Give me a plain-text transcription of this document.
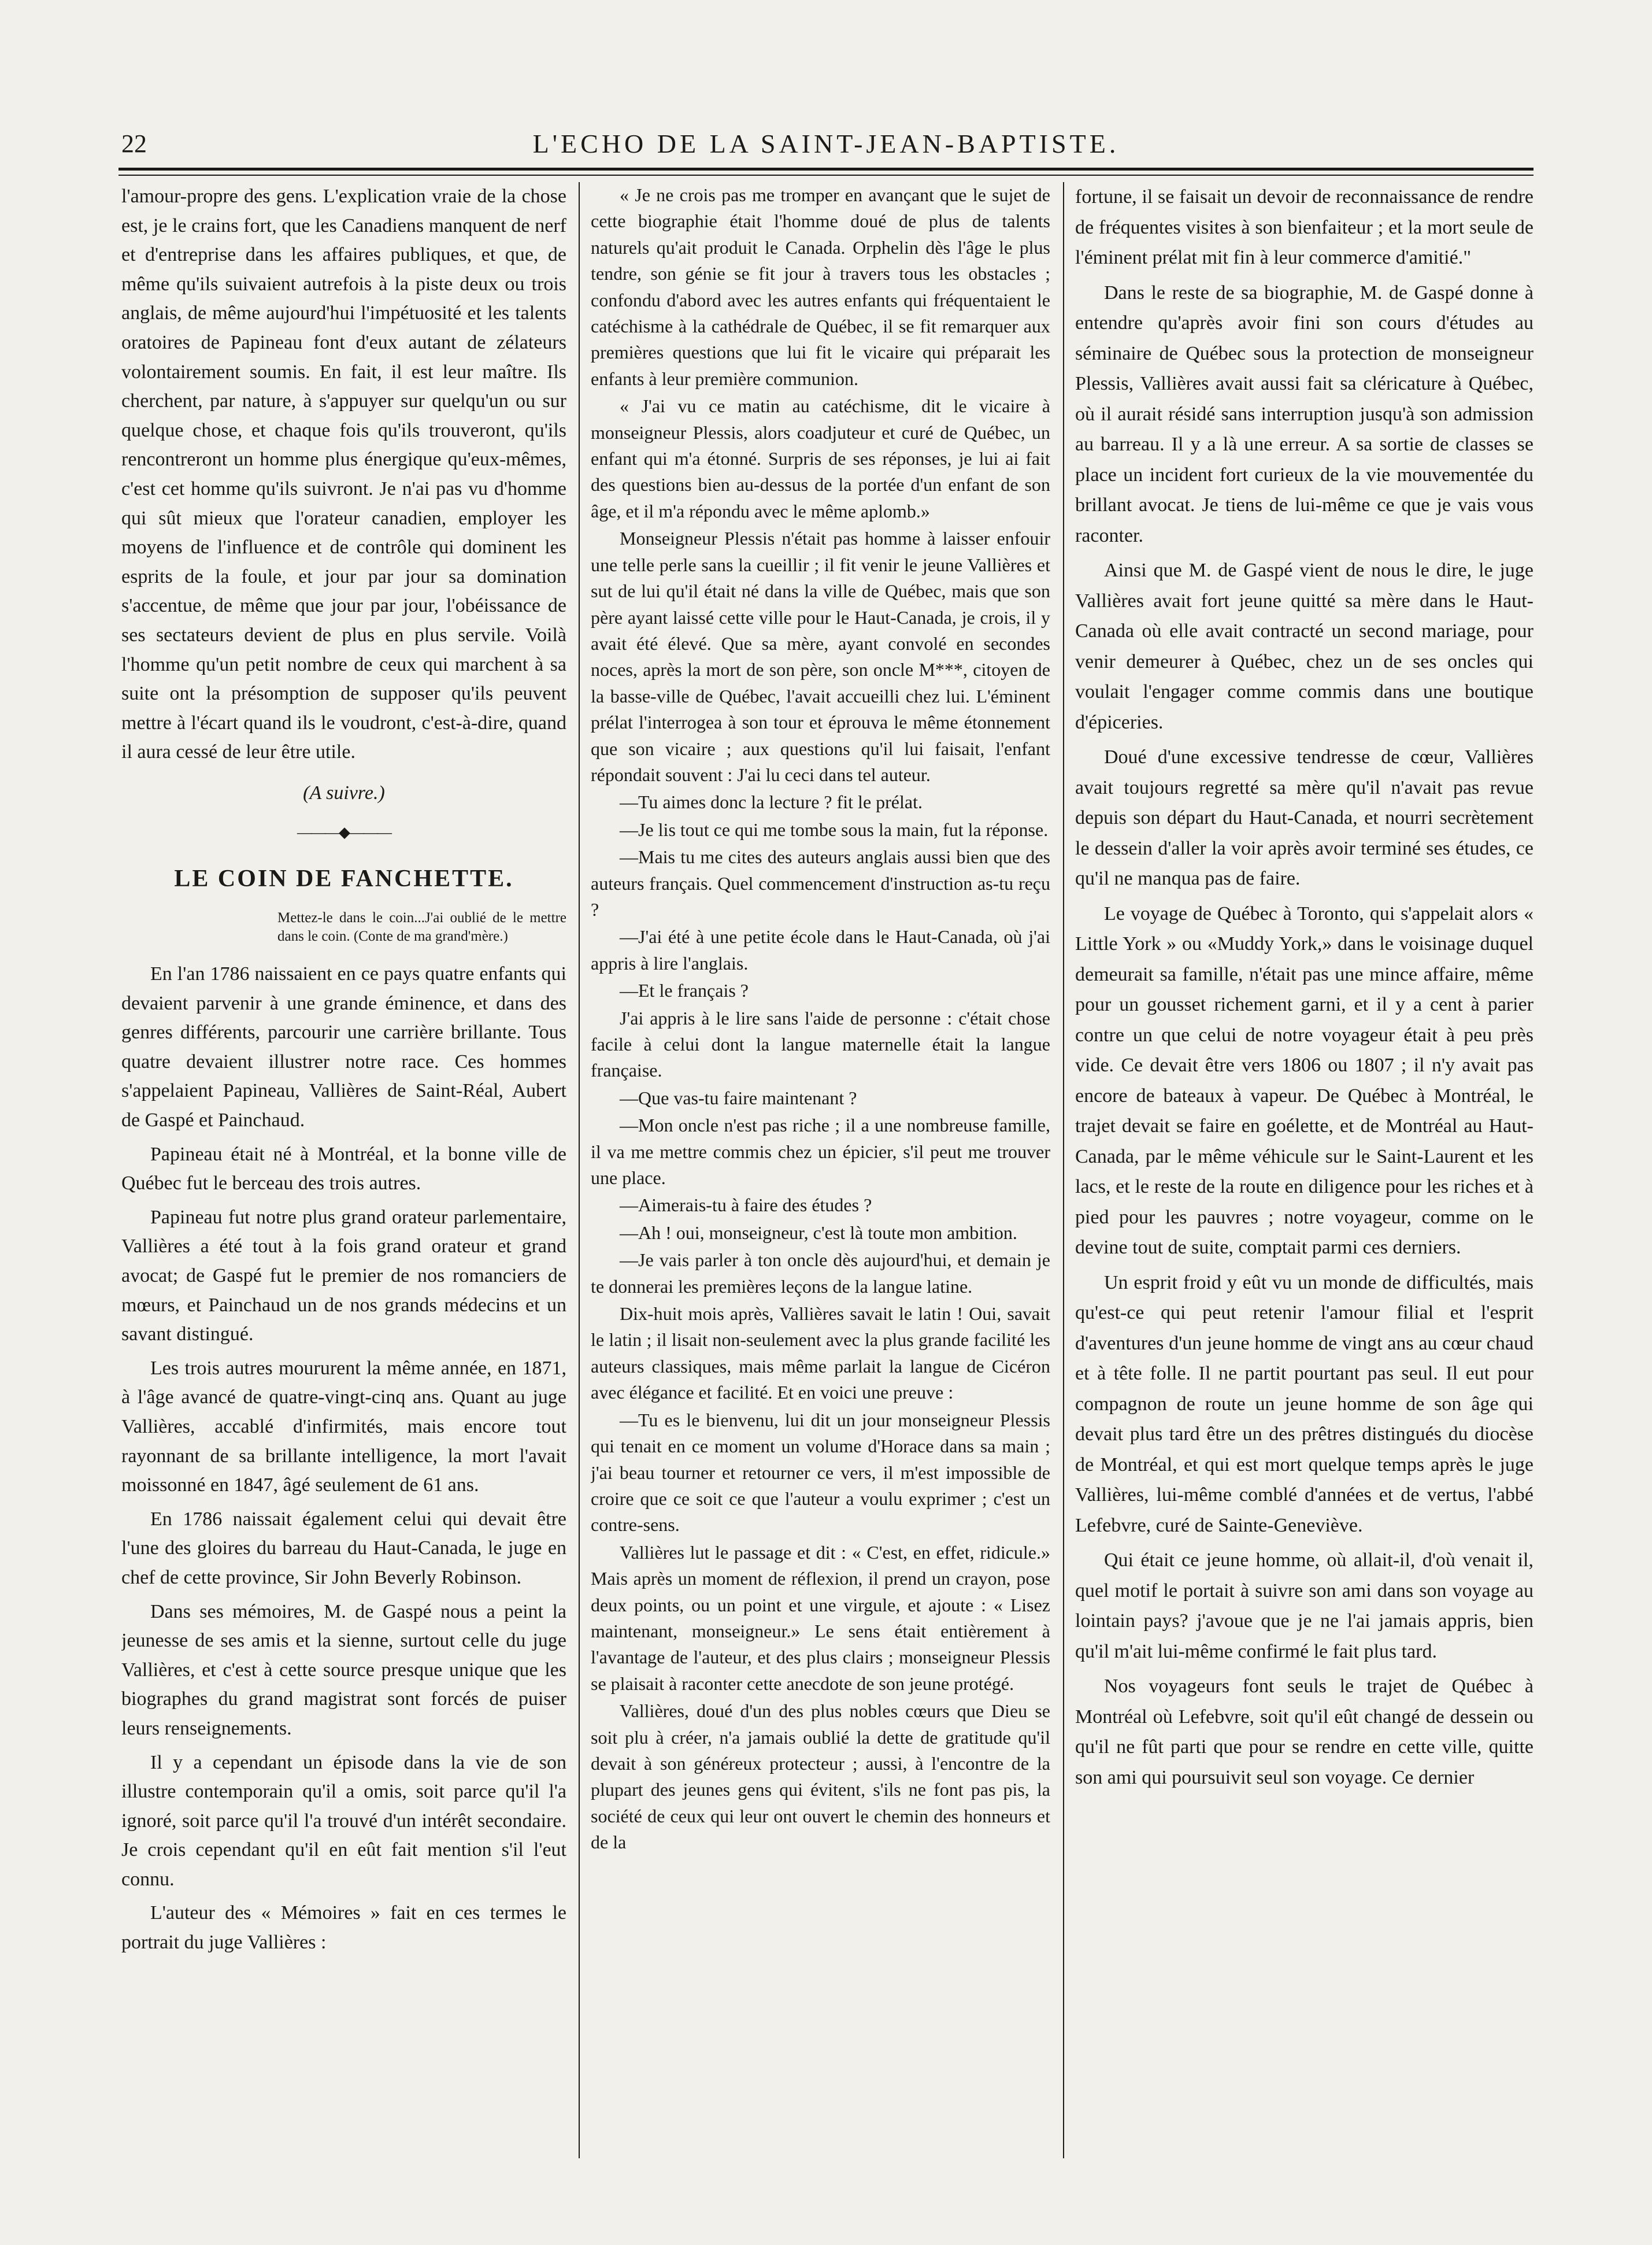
22	L'ECHO DE LA SAINT-JEAN-BAPTISTE.

l'amour-propre des gens. L'explication vraie de la chose est, je le crains fort, que les Canadiens manquent de nerf et d'entreprise dans les affaires publiques, et que, de même qu'ils suivaient autrefois à la piste deux ou trois anglais, de même aujourd'hui l'impétuosité et les talents oratoires de Papineau font d'eux autant de zélateurs volontairement soumis. En fait, il est leur maître. Ils cherchent, par nature, à s'appuyer sur quelqu'un ou sur quelque chose, et chaque fois qu'ils trouveront, qu'ils rencontreront un homme plus énergique qu'eux-mêmes, c'est cet homme qu'ils suivront. Je n'ai pas vu d'homme qui sût mieux que l'orateur canadien, employer les moyens de l'influence et de contrôle qui dominent les esprits de la foule, et jour par jour sa domination s'accentue, de même que jour par jour, l'obéissance de ses sectateurs devient de plus en plus servile. Voilà l'homme qu'un petit nombre de ceux qui marchent à sa suite ont la présomption de supposer qu'ils peuvent mettre à l'écart quand ils le voudront, c'est-à-dire, quand il aura cessé de leur être utile.

(A suivre.)
———◆———
LE COIN DE FANCHETTE.
Mettez-le dans le coin...J'ai oublié de le mettre dans le coin. (Conte de ma grand'mère.)

En l'an 1786 naissaient en ce pays quatre enfants qui devaient parvenir à une grande éminence, et dans des genres différents, parcourir une carrière brillante. Tous quatre devaient illustrer notre race. Ces hommes s'appelaient Papineau, Vallières de Saint-Réal, Aubert de Gaspé et Painchaud.

Papineau était né à Montréal, et la bonne ville de Québec fut le berceau des trois autres.

Papineau fut notre plus grand orateur parlementaire, Vallières a été tout à la fois grand orateur et grand avocat; de Gaspé fut le premier de nos romanciers de mœurs, et Painchaud un de nos grands médecins et un savant distingué.

Les trois autres moururent la même année, en 1871, à l'âge avancé de quatre-vingt-cinq ans. Quant au juge Vallières, accablé d'infirmités, mais encore tout rayonnant de sa brillante intelligence, la mort l'avait moissonné en 1847, âgé seulement de 61 ans.

En 1786 naissait également celui qui devait être l'une des gloires du barreau du Haut-Canada, le juge en chef de cette province, Sir John Beverly Robinson.

Dans ses mémoires, M. de Gaspé nous a peint la jeunesse de ses amis et la sienne, surtout celle du juge Vallières, et c'est à cette source presque unique que les biographes du grand magistrat sont forcés de puiser leurs renseignements.

Il y a cependant un épisode dans la vie de son illustre contemporain qu'il a omis, soit parce qu'il l'a ignoré, soit parce qu'il l'a trouvé d'un intérêt secondaire. Je crois cependant qu'il en eût fait mention s'il l'eut connu.

L'auteur des « Mémoires » fait en ces termes le portrait du juge Vallières :

« Je ne crois pas me tromper en avançant que le sujet de cette biographie était l'homme doué de plus de talents naturels qu'ait produit le Canada. Orphelin dès l'âge le plus tendre, son génie se fit jour à travers tous les obstacles ; confondu d'abord avec les autres enfants qui fréquentaient le catéchisme à la cathédrale de Québec, il se fit remarquer aux premières questions que lui fit le vicaire qui préparait les enfants à leur première communion.

« J'ai vu ce matin au catéchisme, dit le vicaire à monseigneur Plessis, alors coadjuteur et curé de Québec, un enfant qui m'a étonné. Surpris de ses réponses, je lui ai fait des questions bien au-dessus de la portée d'un enfant de son âge, et il m'a répondu avec le même aplomb.»

Monseigneur Plessis n'était pas homme à laisser enfouir une telle perle sans la cueillir ; il fit venir le jeune Vallières et sut de lui qu'il était né dans la ville de Québec, mais que son père ayant laissé cette ville pour le Haut-Canada, je crois, il y avait été élevé. Que sa mère, ayant convolé en secondes noces, après la mort de son père, son oncle M***, citoyen de la basse-ville de Québec, l'avait accueilli chez lui. L'éminent prélat l'interrogea à son tour et éprouva le même étonnement que son vicaire ; aux questions qu'il lui faisait, l'enfant répondait souvent : J'ai lu ceci dans tel auteur.

—Tu aimes donc la lecture ? fit le prélat.

—Je lis tout ce qui me tombe sous la main, fut la réponse.

—Mais tu me cites des auteurs anglais aussi bien que des auteurs français. Quel commencement d'instruction as-tu reçu ?

—J'ai été à une petite école dans le Haut-Canada, où j'ai appris à lire l'anglais.

—Et le français ?

J'ai appris à le lire sans l'aide de personne : c'était chose facile à celui dont la langue maternelle était la langue française.

—Que vas-tu faire maintenant ?

—Mon oncle n'est pas riche ; il a une nombreuse famille, il va me mettre commis chez un épicier, s'il peut me trouver une place.

—Aimerais-tu à faire des études ?

—Ah ! oui, monseigneur, c'est là toute mon ambition.

—Je vais parler à ton oncle dès aujourd'hui, et demain je te donnerai les premières leçons de la langue latine.

Dix-huit mois après, Vallières savait le latin ! Oui, savait le latin ; il lisait non-seulement avec la plus grande facilité les auteurs classiques, mais même parlait la langue de Cicéron avec élégance et facilité. Et en voici une preuve :

—Tu es le bienvenu, lui dit un jour monseigneur Plessis qui tenait en ce moment un volume d'Horace dans sa main ; j'ai beau tourner et retourner ce vers, il m'est impossible de croire que ce soit ce que l'auteur a voulu exprimer ; c'est un contre-sens.

Vallières lut le passage et dit : « C'est, en effet, ridicule.» Mais après un moment de réflexion, il prend un crayon, pose deux points, ou un point et une virgule, et ajoute : « Lisez maintenant, monseigneur.» Le sens était entièrement à l'avantage de l'auteur, et des plus clairs ; monseigneur Plessis se plaisait à raconter cette anecdote de son jeune protégé.

Vallières, doué d'un des plus nobles cœurs que Dieu se soit plu à créer, n'a jamais oublié la dette de gratitude qu'il devait à son généreux protecteur ; aussi, à l'encontre de la plupart des jeunes gens qui évitent, s'ils ne font pas pis, la société de ceux qui leur ont ouvert le chemin des honneurs et de la

fortune, il se faisait un devoir de reconnaissance de rendre de fréquentes visites à son bienfaiteur ; et la mort seule de l'éminent prélat mit fin à leur commerce d'amitié."

Dans le reste de sa biographie, M. de Gaspé donne à entendre qu'après avoir fini son cours d'études au séminaire de Québec sous la protection de monseigneur Plessis, Vallières avait aussi fait sa cléricature à Québec, où il aurait résidé sans interruption jusqu'à son admission au barreau. Il y a là une erreur. A sa sortie de classes se place un incident fort curieux de la vie mouvementée du brillant avocat. Je tiens de lui-même ce que je vais vous raconter.

Ainsi que M. de Gaspé vient de nous le dire, le juge Vallières avait fort jeune quitté sa mère dans le Haut-Canada où elle avait contracté un second mariage, pour venir demeurer à Québec, chez un de ses oncles qui voulait l'engager comme commis dans une boutique d'épiceries.

Doué d'une excessive tendresse de cœur, Vallières avait toujours regretté sa mère qu'il n'avait pas revue depuis son départ du Haut-Canada, et nourri secrètement le dessein d'aller la voir après avoir terminé ses études, ce qu'il ne manqua pas de faire.

Le voyage de Québec à Toronto, qui s'appelait alors « Little York » ou «Muddy York,» dans le voisinage duquel demeurait sa famille, n'était pas une mince affaire, même pour un gousset richement garni, et il y a cent à parier contre un que celui de notre voyageur était à peu près vide. Ce devait être vers 1806 ou 1807 ; il n'y avait pas encore de bateaux à vapeur. De Québec à Montréal, le trajet devait se faire en goélette, et de Montréal au Haut-Canada, par le même véhicule sur le Saint-Laurent et les lacs, et le reste de la route en diligence pour les riches et à pied pour les pauvres ; notre voyageur, comme on le devine tout de suite, comptait parmi ces derniers.

Un esprit froid y eût vu un monde de difficultés, mais qu'est-ce qui peut retenir l'amour filial et l'esprit d'aventures d'un jeune homme de vingt ans au cœur chaud et à tête folle. Il ne partit pourtant pas seul. Il eut pour compagnon de route un jeune homme de son âge qui devait plus tard être un des prêtres distingués du diocèse de Montréal, et qui est mort quelque temps après le juge Vallières, lui-même comblé d'années et de vertus, l'abbé Lefebvre, curé de Sainte-Geneviève.

Qui était ce jeune homme, où allait-il, d'où venait il, quel motif le portait à suivre son ami dans son voyage au lointain pays? j'avoue que je ne l'ai jamais appris, bien qu'il m'ait lui-même confirmé le fait plus tard.

Nos voyageurs font seuls le trajet de Québec à Montréal où Lefebvre, soit qu'il eût changé de dessein ou qu'il ne fût parti que pour se rendre en cette ville, quitte son ami qui poursuivit seul son voyage. Ce dernier
